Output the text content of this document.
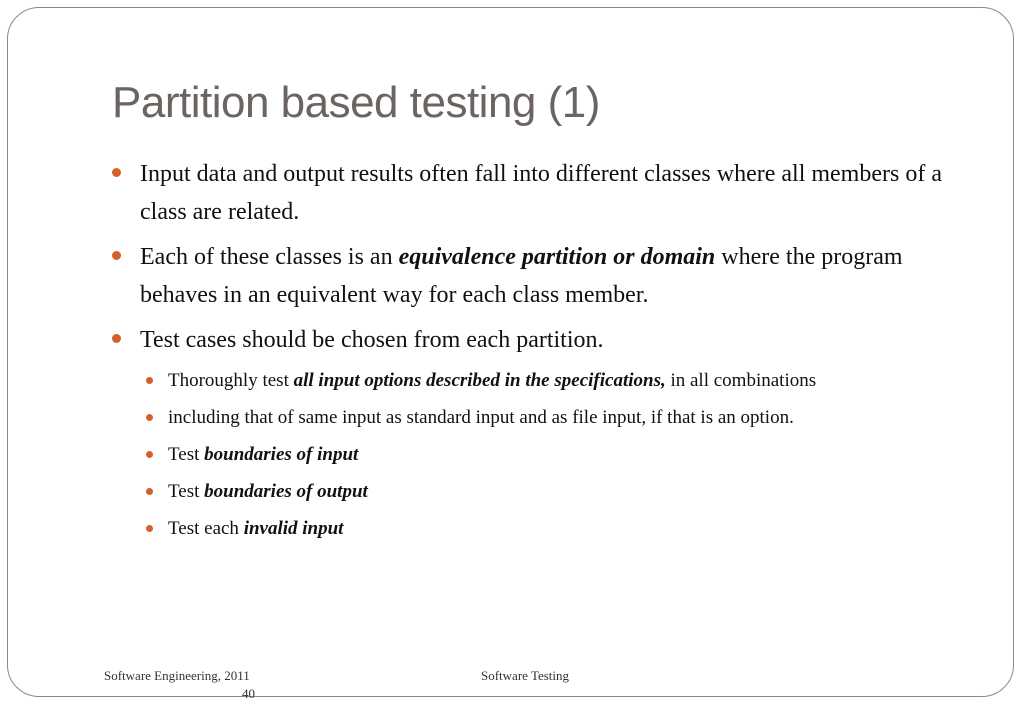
Partition based testing (1)
Input data and output results often fall into different classes where all members of a class are related.
Each of these classes is an equivalence partition or domain where the program behaves in an equivalent way for each class member.
Test cases should be chosen from each partition.
Thoroughly test all input options described in the specifications, in all combinations
including that of same input as standard input and as file input, if that is an option.
Test boundaries of input
Test boundaries of output
Test each invalid input
Software Engineering, 2011	Software Testing
40
